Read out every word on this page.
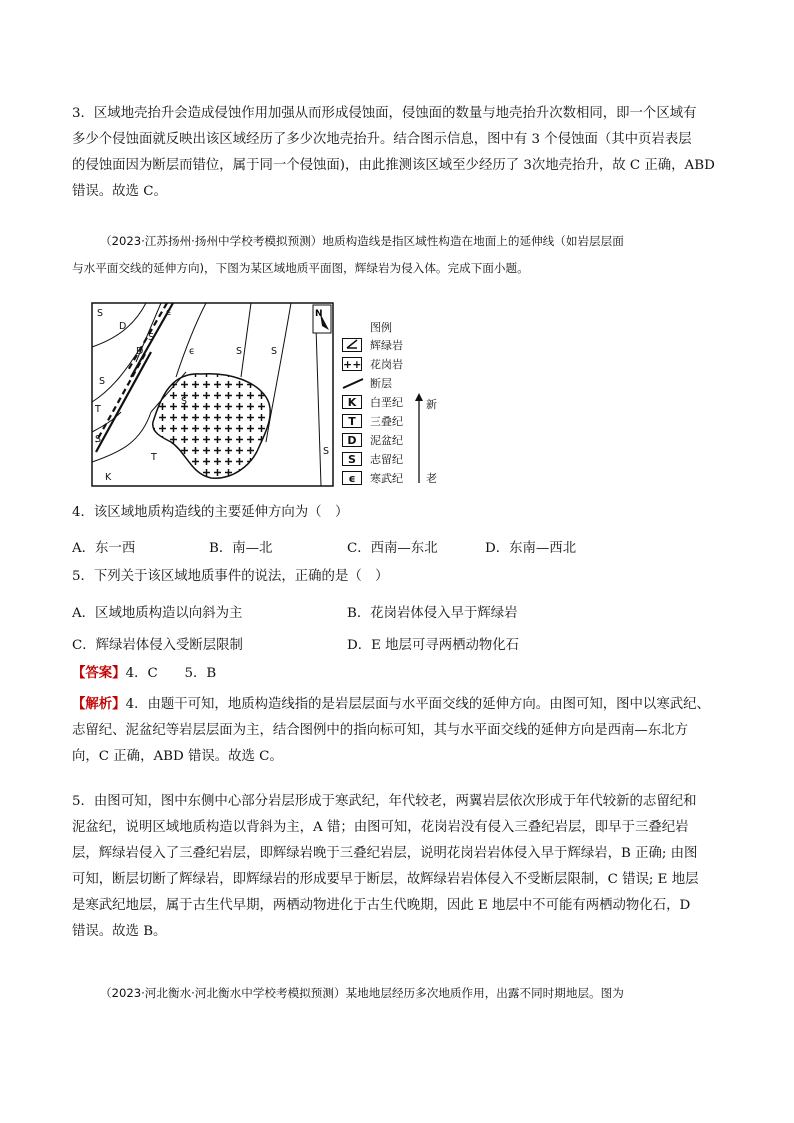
3．区域地壳抬升会造成侵蚀作用加强从而形成侵蚀面，侵蚀面的数量与地壳抬升次数相同，即一个区域有
多少个侵蚀面就反映出该区域经历了多少次地壳抬升。结合图示信息，图中有 3 个侵蚀面（其中页岩表层
的侵蚀面因为断层而错位，属于同一个侵蚀面)，由此推测该区域至少经历了 3次地壳抬升，故 C 正确，ABD
错误。故选 C。
（2023·江苏扬州·扬州中学校考模拟预测）地质构造线是指区域性构造在地面上的延伸线（如岩层层面
与水平面交线的延伸方向)，下图为某区域地质平面图，辉绿岩为侵入体。完成下面小题。
N
S
D
S
S
ϵ
S
D
ϵ
S	S
S
T
T
K
S
图例
辉绿岩
++ 花岗岩
断层
K	白垩纪
T	三叠纪
D	泥盆纪
S	志留纪
ϵ	寒武纪
新
老
4．该区域地质构造线的主要延伸方向为（　）
A．东一西	B．南—北	C．西南—东北	D．东南—西北
5．下列关于该区域地质事件的说法，正确的是（　）
A．区域地质构造以向斜为主	B．花岗岩体侵入早于辉绿岩
C．辉绿岩体侵入受断层限制	D．E 地层可寻两栖动物化石
【答案】4．C　　5．B
【解析】4．由题干可知，地质构造线指的是岩层层面与水平面交线的延伸方向。由图可知，图中以寒武纪、
志留纪、泥盆纪等岩层层面为主，结合图例中的指向标可知，其与水平面交线的延伸方向是西南—东北方
向，C 正确，ABD 错误。故选 C。
5．由图可知，图中东侧中心部分岩层形成于寒武纪，年代较老，两翼岩层依次形成于年代较新的志留纪和
泥盆纪，说明区域地质构造以背斜为主，A 错；由图可知，花岗岩没有侵入三叠纪岩层，即早于三叠纪岩
层，辉绿岩侵入了三叠纪岩层，即辉绿岩晚于三叠纪岩层，说明花岗岩岩体侵入早于辉绿岩，B 正确; 由图
可知，断层切断了辉绿岩，即辉绿岩的形成要早于断层，故辉绿岩岩体侵入不受断层限制，C 错误; E 地层
是寒武纪地层，属于古生代早期，两栖动物进化于古生代晚期，因此 E 地层中不可能有两栖动物化石，D
错误。故选 B。
（2023·河北衡水·河北衡水中学校考模拟预测）某地地层经历多次地质作用，出露不同时期地层。图为
